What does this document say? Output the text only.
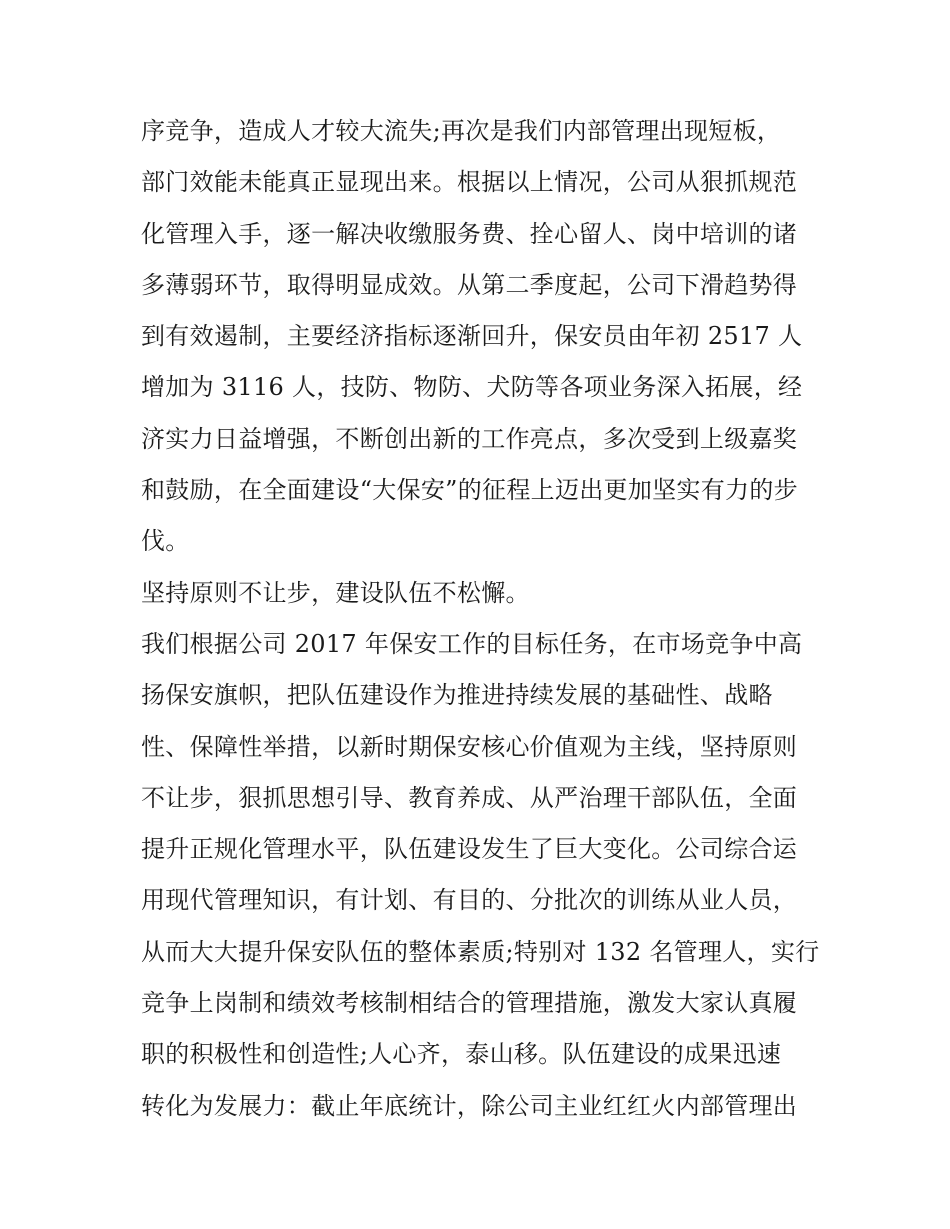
序竞争，造成人才较大流失;再次是我们内部管理出现短板，
部门效能未能真正显现出来。根据以上情况，公司从狠抓规范
化管理入手，逐一解决收缴服务费、拴心留人、岗中培训的诸
多薄弱环节，取得明显成效。从第二季度起，公司下滑趋势得
到有效遏制，主要经济指标逐渐回升，保安员由年初 2517 人
增加为 3116 人，技防、物防、犬防等各项业务深入拓展，经
济实力日益增强，不断创出新的工作亮点，多次受到上级嘉奖
和鼓励，在全面建设“大保安”的征程上迈出更加坚实有力的步
伐。
坚持原则不让步，建设队伍不松懈。
我们根据公司 2017 年保安工作的目标任务，在市场竞争中高
扬保安旗帜，把队伍建设作为推进持续发展的基础性、战略
性、保障性举措，以新时期保安核心价值观为主线，坚持原则
不让步，狠抓思想引导、教育养成、从严治理干部队伍，全面
提升正规化管理水平，队伍建设发生了巨大变化。公司综合运
用现代管理知识，有计划、有目的、分批次的训练从业人员，
从而大大提升保安队伍的整体素质;特别对 132 名管理人，实行
竞争上岗制和绩效考核制相结合的管理措施，激发大家认真履
职的积极性和创造性;人心齐，泰山移。队伍建设的成果迅速
转化为发展力：截止年底统计，除公司主业红红火内部管理出
